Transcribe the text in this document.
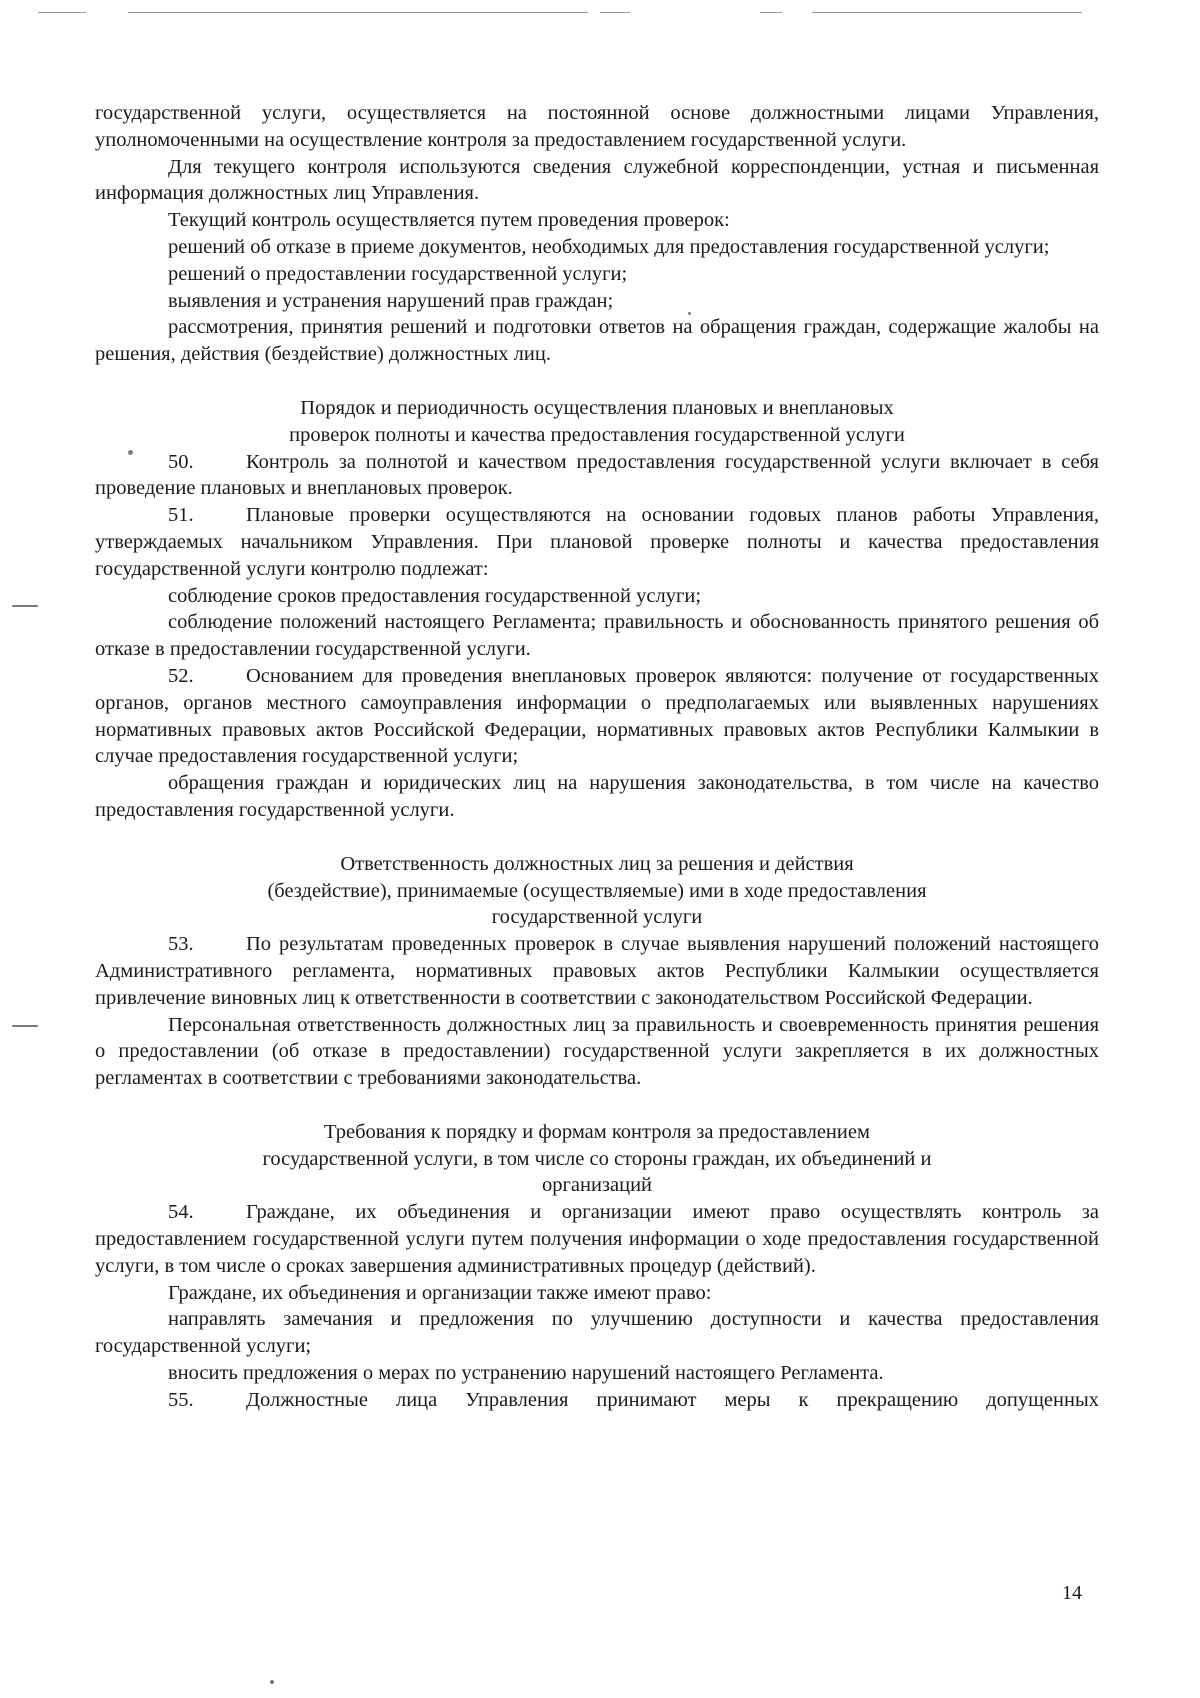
государственной услуги, осуществляется на постоянной основе должностными лицами Управления, уполномоченными на осуществление контроля за предоставлением государственной услуги.

Для текущего контроля используются сведения служебной корреспонденции, устная и письменная информация должностных лиц Управления.

Текущий контроль осуществляется путем проведения проверок:

решений об отказе в приеме документов, необходимых для предоставления государственной услуги;

решений о предоставлении государственной услуги;

выявления и устранения нарушений прав граждан;

рассмотрения, принятия решений и подготовки ответов на обращения граждан, содержащие жалобы на решения, действия (бездействие) должностных лиц.

Порядок и периодичность осуществления плановых и внеплановых

проверок полноты и качества предоставления государственной услуги

50.	Контроль за полнотой и качеством предоставления государственной услуги включает в себя проведение плановых и внеплановых проверок.

51.	Плановые проверки осуществляются на основании годовых планов работы Управления, утверждаемых начальником Управления. При плановой проверке полноты и качества предоставления государственной услуги контролю подлежат:

соблюдение сроков предоставления государственной услуги;

соблюдение положений настоящего Регламента; правильность и обоснованность принятого решения об отказе в предоставлении государственной услуги.

52.	Основанием для проведения внеплановых проверок являются: получение от государственных органов, органов местного самоуправления информации о предполагаемых или выявленных нарушениях нормативных правовых актов Российской Федерации, нормативных правовых актов Республики Калмыкии в случае предоставления государственной услуги;

обращения граждан и юридических лиц на нарушения законодательства, в том числе на качество предоставления государственной услуги.

Ответственность должностных лиц за решения и действия

(бездействие), принимаемые (осуществляемые) ими в ходе предоставления

государственной услуги

53.	По результатам проведенных проверок в случае выявления нарушений положений настоящего Административного регламента, нормативных правовых актов Республики Калмыкии осуществляется привлечение виновных лиц к ответственности в соответствии с законодательством Российской Федерации.

Персональная ответственность должностных лиц за правильность и своевременность принятия решения о предоставлении (об отказе в предоставлении) государственной услуги закрепляется в их должностных регламентах в соответствии с требованиями законодательства.

Требования к порядку и формам контроля за предоставлением

государственной услуги, в том числе со стороны граждан, их объединений и

организаций

54.	Граждане, их объединения и организации имеют право осуществлять контроль за предоставлением государственной услуги путем получения информации о ходе предоставления государственной услуги, в том числе о сроках завершения административных процедур (действий).

Граждане, их объединения и организации также имеют право:

направлять замечания и предложения по улучшению доступности и качества предоставления государственной услуги;

вносить предложения о мерах по устранению нарушений настоящего Регламента.

55.	Должностные лица Управления принимают меры к прекращению допущенных

14
